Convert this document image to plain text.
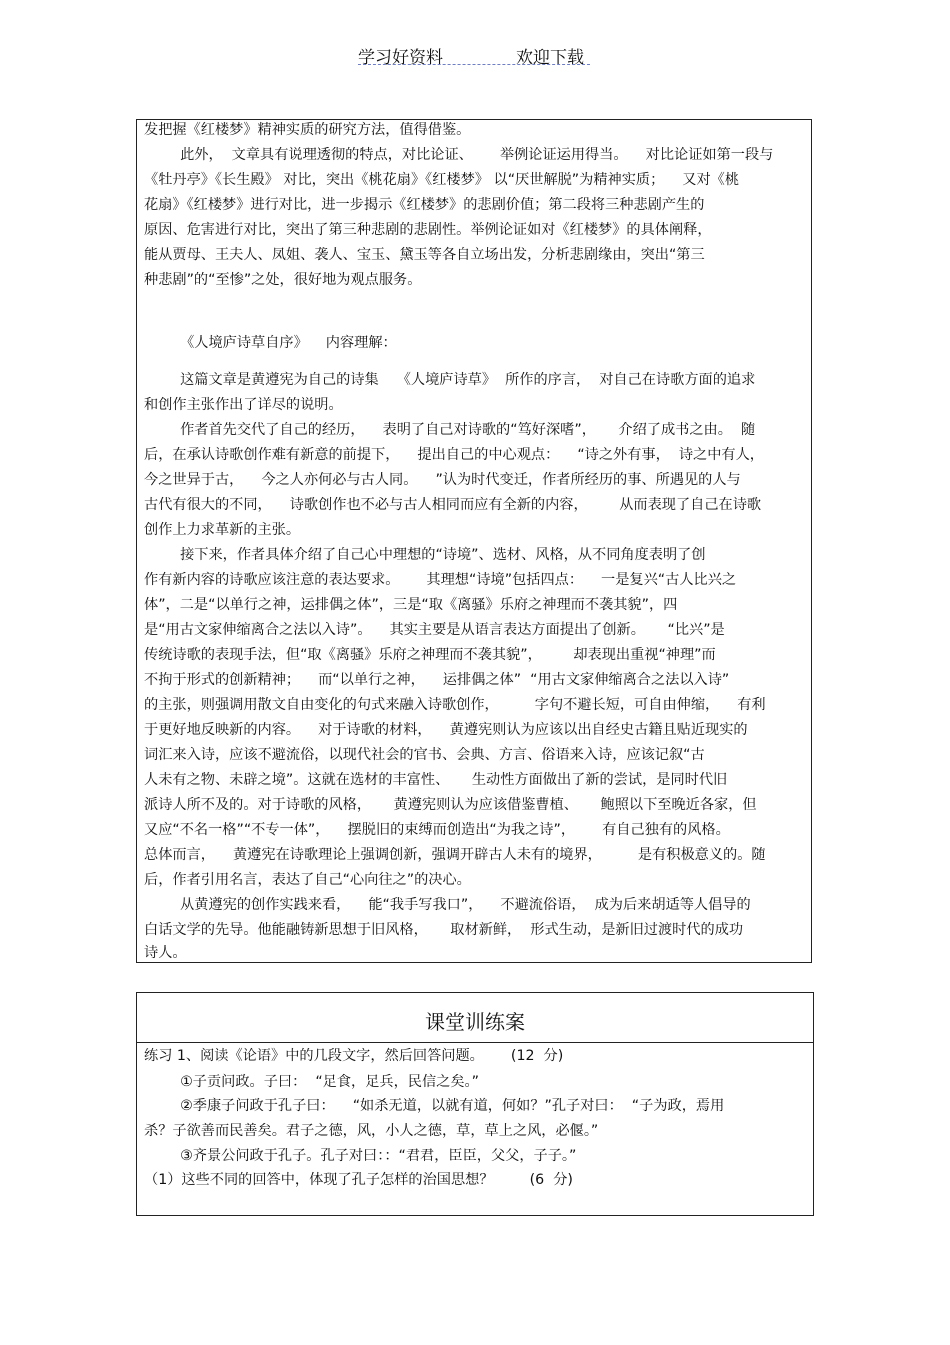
学习好资料	欢迎下载
发把握《红楼梦》精神实质的研究方法，值得借鉴。
此外，  文章具有说理透彻的特点，对比论证、      举例论证运用得当。    对比论证如第一段与
《牡丹亭》《长生殿》 对比，突出《桃花扇》《红楼梦》 以“厌世解脱”为精神实质；    又对《桃
花扇》《红楼梦》进行对比，进一步揭示《红楼梦》的悲剧价值；第二段将三种悲剧产生的
原因、危害进行对比，突出了第三种悲剧的悲剧性。举例论证如对《红楼梦》的具体阐释，
能从贾母、王夫人、凤姐、袭人、宝玉、黛玉等各自立场出发，分析悲剧缘由，突出“第三
种悲剧”的“至惨”之处，很好地为观点服务。
《人境庐诗草自序》    内容理解：
这篇文章是黄遵宪为自己的诗集    《人境庐诗草》  所作的序言，  对自己在诗歌方面的追求
和创作主张作出了详尽的说明。
作者首先交代了自己的经历，    表明了自己对诗歌的“笃好深嗜”，     介绍了成书之由。  随
后，在承认诗歌创作难有新意的前提下，    提出自己的中心观点：    “诗之外有事，  诗之中有人，
今之世异于古，    今之人亦何必与古人同。    ”认为时代变迁，作者所经历的事、所遇见的人与
古代有很大的不同，    诗歌创作也不必与古人相同而应有全新的内容，       从而表现了自己在诗歌
创作上力求革新的主张。
接下来，作者具体介绍了自己心中理想的“诗境”、选材、风格，从不同角度表明了创
作有新内容的诗歌应该注意的表达要求。      其理想“诗境”包括四点：    一是复兴“古人比兴之
体”，二是“以单行之神，运排偶之体”，三是“取《离骚》乐府之神理而不袭其貌”，四
是“用古文家伸缩离合之法以入诗”。    其实主要是从语言表达方面提出了创新。     “比兴”是
传统诗歌的表现手法，但“取《离骚》乐府之神理而不袭其貌”，       却表现出重视“神理”而
不拘于形式的创新精神；    而“以单行之神，    运排偶之体”  “用古文家伸缩离合之法以入诗”
的主张，则强调用散文自由变化的句式来融入诗歌创作，        字句不避长短，可自由伸缩，    有利
于更好地反映新的内容。    对于诗歌的材料，    黄遵宪则认为应该以出自经史古籍且贴近现实的
词汇来入诗，应该不避流俗，以现代社会的官书、会典、方言、俗语来入诗，应该记叙“古
人未有之物、未辟之境”。这就在选材的丰富性、     生动性方面做出了新的尝试，是同时代旧
派诗人所不及的。对于诗歌的风格，     黄遵宪则认为应该借鉴曹植、     鲍照以下至晚近各家，但
又应“不名一格”“不专一体”，    摆脱旧的束缚而创造出“为我之诗”，      有自己独有的风格。
总体而言，    黄遵宪在诗歌理论上强调创新，强调开辟古人未有的境界，        是有积极意义的。随
后，作者引用名言，表达了自己“心向往之”的决心。
从黄遵宪的创作实践来看，    能“我手写我口”，    不避流俗语，  成为后来胡适等人倡导的
白话文学的先导。他能融铸新思想于旧风格，     取材新鲜，  形式生动，是新旧过渡时代的成功
诗人。
课堂训练案
练习 1、阅读《论语》中的几段文字，然后回答问题。      (12  分)
①子贡问政。子曰：  “足食，足兵，民信之矣。”
②季康子问政于孔子曰：    “如杀无道，以就有道，何如？”孔子对曰：  “子为政，焉用
杀？子欲善而民善矣。君子之德，风，小人之德，草，草上之风，必偃。”
③齐景公问政于孔子。孔子对曰：：“君君，臣臣，父父，子子。”
（1）这些不同的回答中，体现了孔子怎样的治国思想？        (6  分)
